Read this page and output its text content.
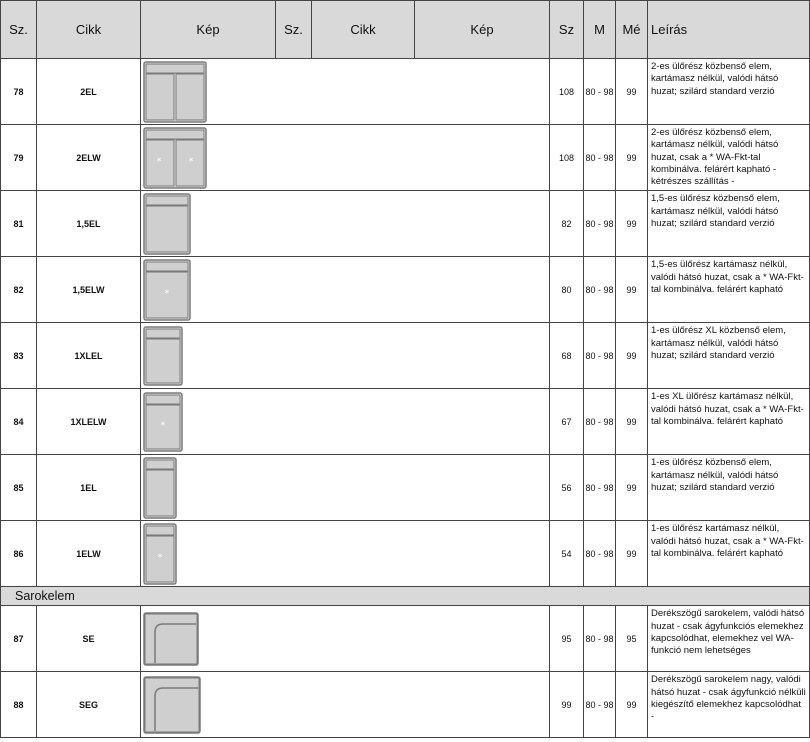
Sz.	Cikk	Kép	Sz.	Cikk	Kép	Sz	M	Mé	Leírás
78	2EL					108	80 - 98	99	2-es ülőrész közbenső elem, kartámasz nélkül, valódi hátsó huzat; szilárd standard verzió
79	2ELW	* *				108	80 - 98	99	2-es ülőrész közbenső elem, kartámasz nélkül, valódi hátsó huzat, csak a * WA-Fkt-tal kombinálva. felárért kapható - kétrészes szállítás -
81	1,5EL					82	80 - 98	99	1,5-es ülőrész közbenső elem, kartámasz nélkül, valódi hátsó huzat; szilárd standard verzió
82	1,5ELW	*				80	80 - 98	99	1,5-es ülőrész kartámasz nélkül, valódi hátsó huzat, csak a * WA-Fkt-tal kombinálva. felárért kapható
83	1XLEL					68	80 - 98	99	1-es ülőrész XL közbenső elem, kartámasz nélkül, valódi hátsó huzat; szilárd standard verzió
84	1XLELW	*				67	80 - 98	99	1-es XL ülőrész kartámasz nélkül, valódi hátsó huzat, csak a * WA-Fkt-tal kombinálva. felárért kapható
85	1EL					56	80 - 98	99	1-es ülőrész közbenső elem, kartámasz nélkül, valódi hátsó huzat; szilárd standard verzió
86	1ELW	*				54	80 - 98	99	1-es ülőrész kartámasz nélkül, valódi hátsó huzat, csak a * WA-Fkt-tal kombinálva. felárért kapható
Sarokelem									
87	SE					95	80 - 98	95	Derékszögű sarokelem, valódi hátsó huzat - csak ágyfunkciós elemekhez kapcsolódhat, elemekhez vel WA-funkció nem lehetséges
88	SEG					99	80 - 98	99	Derékszögű sarokelem nagy, valódi hátsó huzat - csak ágyfunkció nélküli kiegészítő elemekhez kapcsolódhat -
